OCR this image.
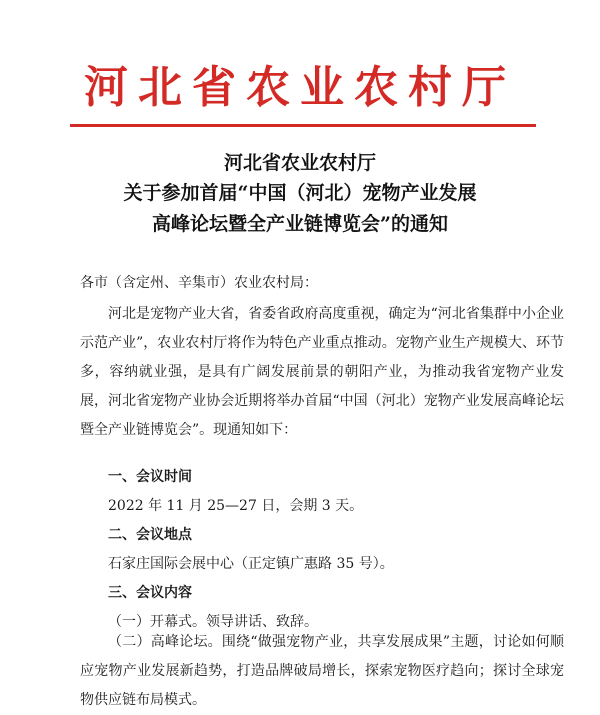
河北省农业农村厅
河北省农业农村厅
关于参加首届“中国（河北）宠物产业发展
高峰论坛暨全产业链博览会”的通知
各市（含定州、辛集市）农业农村局：
河北是宠物产业大省，省委省政府高度重视，确定为“河北省集群中小企业示范产业”，农业农村厅将作为特色产业重点推动。宠物产业生产规模大、环节多，容纳就业强，是具有广阔发展前景的朝阳产业，为推动我省宠物产业发展，河北省宠物产业协会近期将举办首届“中国（河北）宠物产业发展高峰论坛暨全产业链博览会”。现通知如下：
一、会议时间
2022 年 11 月 25—27 日，会期 3 天。
二、会议地点
石家庄国际会展中心（正定镇广惠路 35 号）。
三、会议内容
（一）开幕式。领导讲话、致辞。
（二）高峰论坛。围绕“做强宠物产业，共享发展成果”主题，讨论如何顺应宠物产业发展新趋势，打造品牌破局增长，探索宠物医疗趋向；探讨全球宠物供应链布局模式。
